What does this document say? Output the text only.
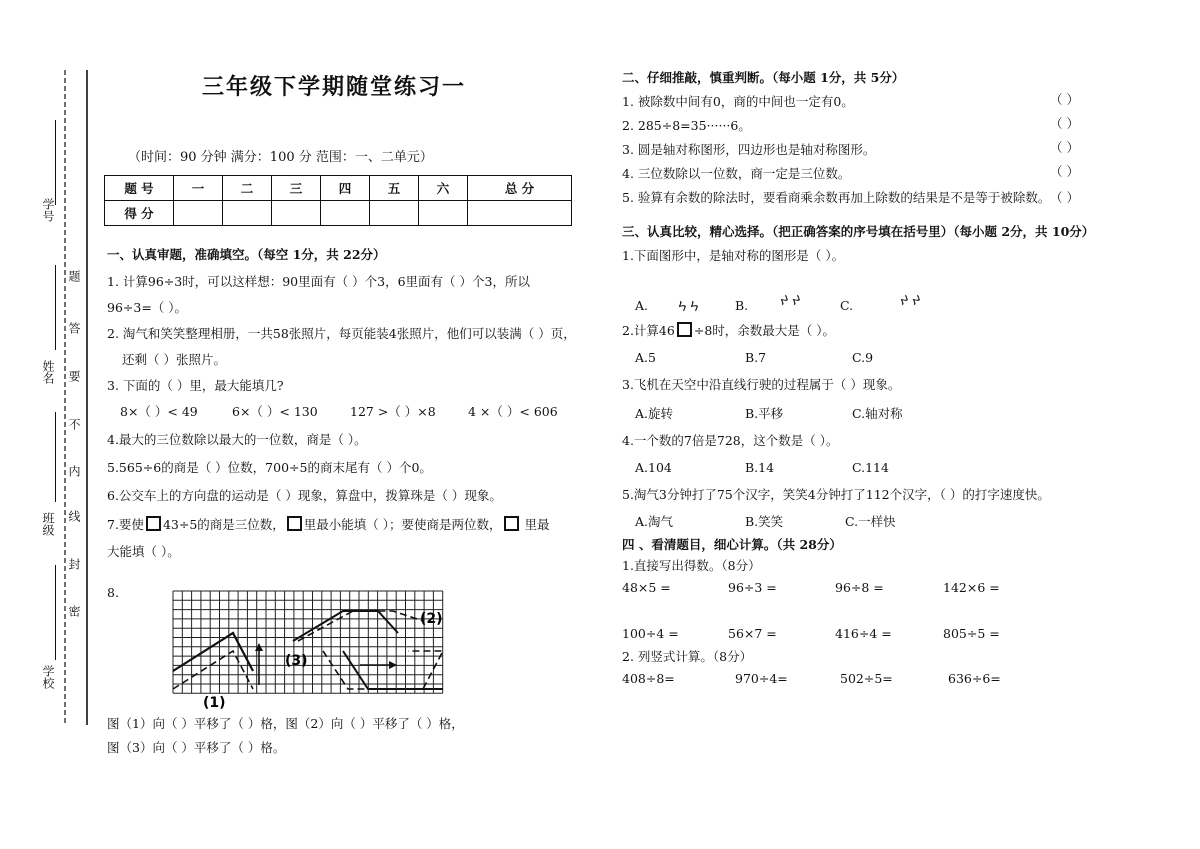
学号
姓名
班级
学校
题
答
要
不
内
线
封
密
三年级下学期随堂练习一
（时间：90 分钟 满分：100 分 范围：一、二单元）
题 号	一	二	三	四	五	六	总 分
得 分							
一、认真审题，准确填空。（每空 1分，共 22分）
1. 计算96÷3时，可以这样想：90里面有（ ）个3，6里面有（ ）个3，所以
96÷3=（ ）。
2. 淘气和笑笑整理相册，一共58张照片，每页能装4张照片，他们可以装满（ ）页，
还剩（ ）张照片。
3. 下面的（ ）里，最大能填几?
8×（ ）< 49	6×（ ）< 130	127 >（ ）×8	4 ×（ ）< 606
4.最大的三位数除以最大的一位数，商是（ ）。
5.565÷6的商是（ ）位数，700÷5的商末尾有（ ）个0。
6.公交车上的方向盘的运动是（ ）现象，算盘中，拨算珠是（ ）现象。
7.要使 43÷5的商是三位数， 里最小能填（ ）；要使商是两位数， 里最
大能填（ ）。
8.
(1)
(2)
(3)
图（1）向（ ）平移了（ ）格，图（2）向（ ）平移了（ ）格，
图（3）向（ ）平移了（ ）格。
二、仔细推敲，慎重判断。（每小题 1分，共 5分）
1. 被除数中间有0，商的中间也一定有0。
2. 285÷8=35······6。
3. 圆是轴对称图形，四边形也是轴对称图形。
4. 三位数除以一位数，商一定是三位数。
5. 验算有余数的除法时，要看商乘余数再加上除数的结果是不是等于被除数。
（ ）
（ ）
（ ）
（ ）
（ ）
三、认真比较，精心选择。（把正确答案的序号填在括号里）（每小题 2分，共 10分）
1.下面图形中，是轴对称的图形是（ ）。
A.	B.	C.
ㄣㄣ	ㄣㄣ	ㄣㄣ
2.计算46 ÷8时，余数最大是（ ）。
A.5	B.7	C.9
3.飞机在天空中沿直线行驶的过程属于（ ）现象。
A.旋转	B.平移	C.轴对称
4.一个数的7倍是728，这个数是（ ）。
A.104	B.14	C.114
5.淘气3分钟打了75个汉字，笑笑4分钟打了112个汉字，（ ）的打字速度快。
A.淘气	B.笑笑	C.一样快
四 、看清题目，细心计算。（共 28分）
1.直接写出得数。（8分）
48×5 =	96÷3 =	96÷8 =	142×6 =
100÷4 =	56×7 =	416÷4 =	805÷5 =
2. 列竖式计算。（8分）
408÷8=	970÷4=	502÷5=	636÷6=
